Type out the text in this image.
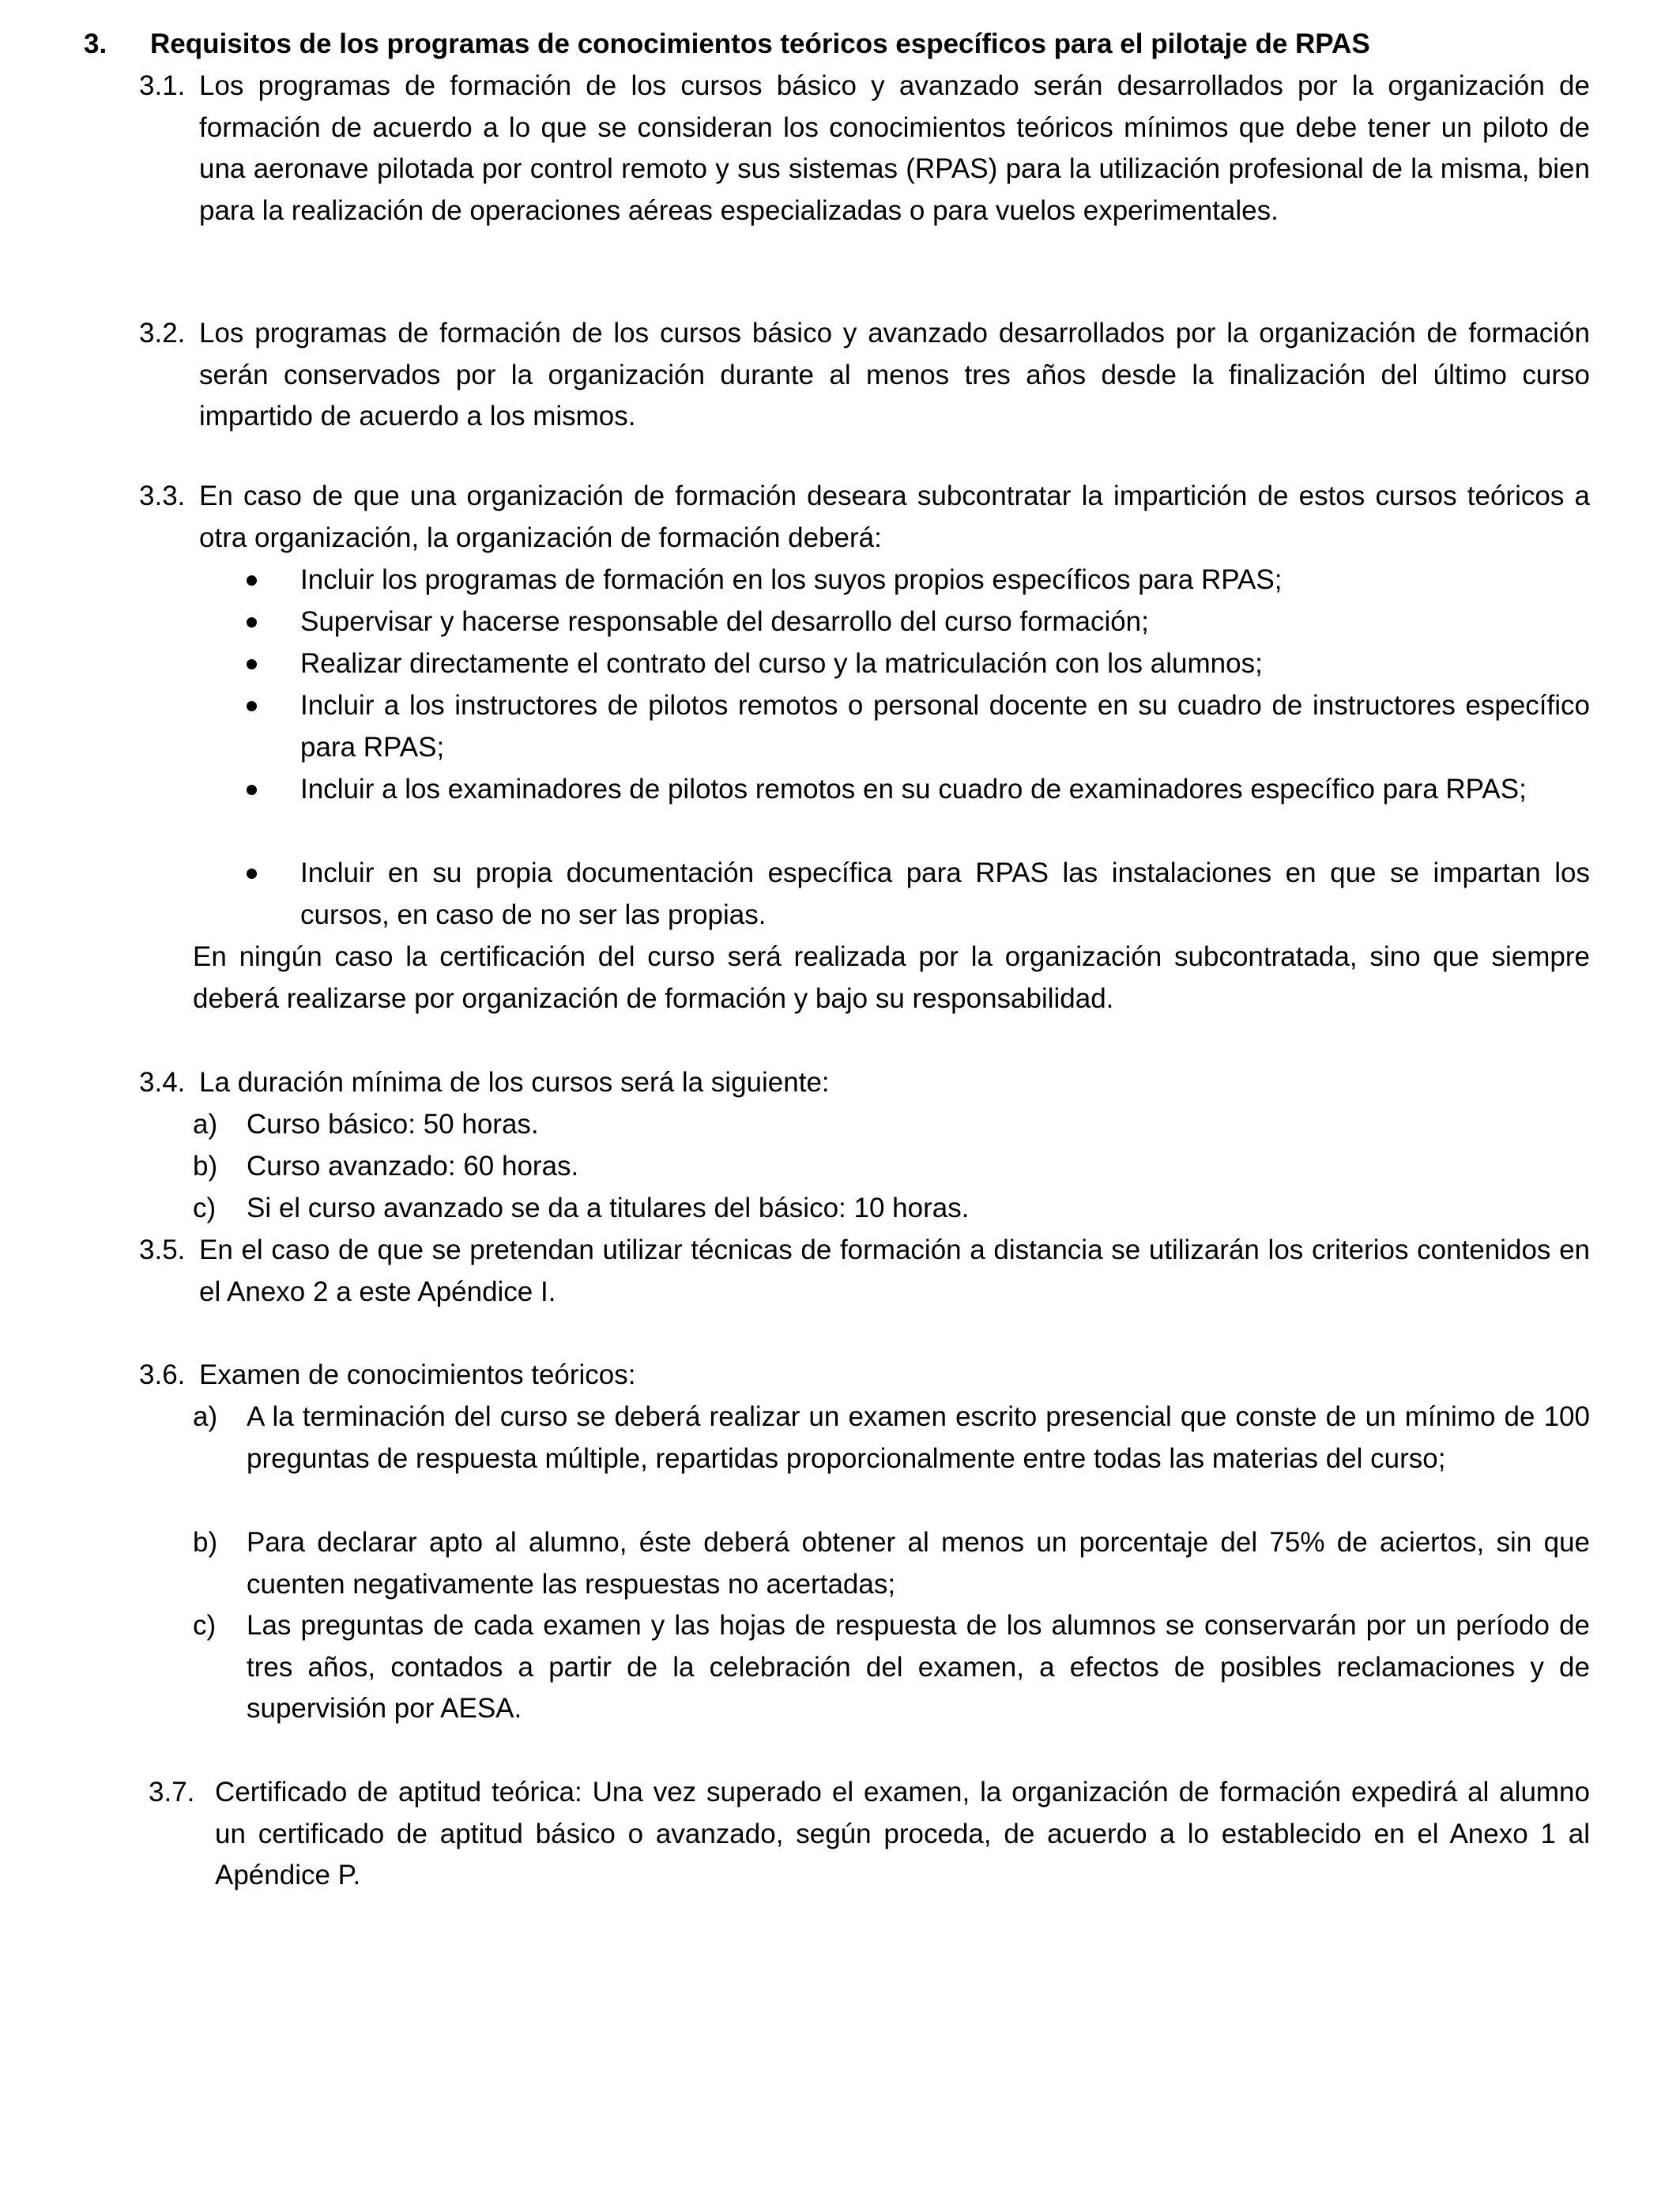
3. Requisitos de los programas de conocimientos teóricos específicos para el pilotaje de RPAS
3.1. Los programas de formación de los cursos básico y avanzado serán desarrollados por la organización de formación de acuerdo a lo que se consideran los conocimientos teóricos mínimos que debe tener un piloto de una aeronave pilotada por control remoto y sus sistemas (RPAS) para la utilización profesional de la misma, bien para la realización de operaciones aéreas especializadas o para vuelos experimentales.
3.2. Los programas de formación de los cursos básico y avanzado desarrollados por la organización de formación serán conservados por la organización durante al menos tres años desde la finalización del último curso impartido de acuerdo a los mismos.
3.3. En caso de que una organización de formación deseara subcontratar la impartición de estos cursos teóricos a otra organización, la organización de formación deberá:
Incluir los programas de formación en los suyos propios específicos para RPAS;
Supervisar y hacerse responsable del desarrollo del curso formación;
Realizar directamente el contrato del curso y la matriculación con los alumnos;
Incluir a los instructores de pilotos remotos o personal docente en su cuadro de instructores específico para RPAS;
Incluir a los examinadores de pilotos remotos en su cuadro de examinadores específico para RPAS;
Incluir en su propia documentación específica para RPAS las instalaciones en que se impartan los cursos, en caso de no ser las propias.
En ningún caso la certificación del curso será realizada por la organización subcontratada, sino que siempre deberá realizarse por organización de formación y bajo su responsabilidad.
3.4. La duración mínima de los cursos será la siguiente:
a) Curso básico: 50 horas.
b) Curso avanzado: 60 horas.
c) Si el curso avanzado se da a titulares del básico: 10 horas.
3.5. En el caso de que se pretendan utilizar técnicas de formación a distancia se utilizarán los criterios contenidos en el Anexo 2 a este Apéndice I.
3.6. Examen de conocimientos teóricos:
a) A la terminación del curso se deberá realizar un examen escrito presencial que conste de un mínimo de 100 preguntas de respuesta múltiple, repartidas proporcionalmente entre todas las materias del curso;
b) Para declarar apto al alumno, éste deberá obtener al menos un porcentaje del 75% de aciertos, sin que cuenten negativamente las respuestas no acertadas;
c) Las preguntas de cada examen y las hojas de respuesta de los alumnos se conservarán por un período de tres años, contados a partir de la celebración del examen, a efectos de posibles reclamaciones y de supervisión por AESA.
3.7. Certificado de aptitud teórica: Una vez superado el examen, la organización de formación expedirá al alumno un certificado de aptitud básico o avanzado, según proceda, de acuerdo a lo establecido en el Anexo 1 al Apéndice P.
